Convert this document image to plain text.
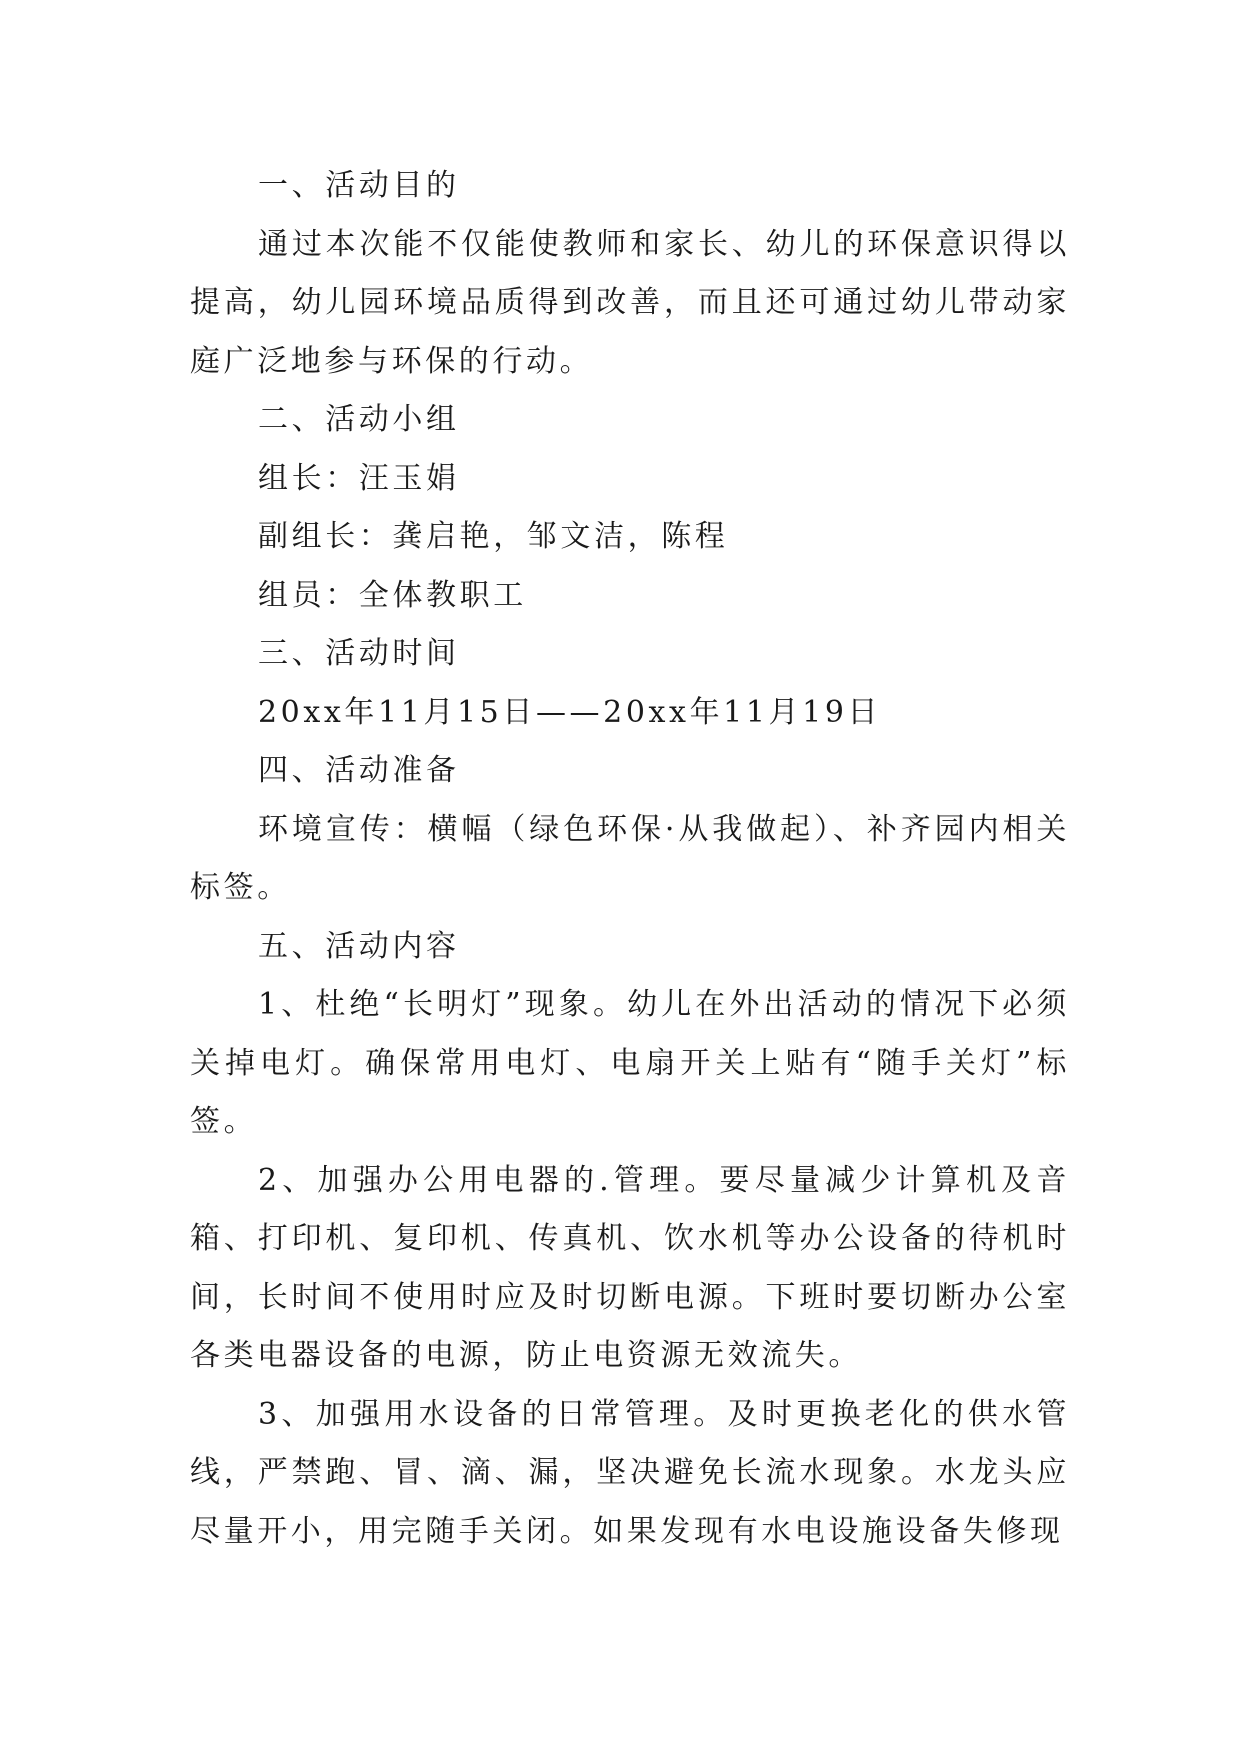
一、活动目的

通过本次能不仅能使教师和家长、幼儿的环保意识得以提高，幼儿园环境品质得到改善，而且还可通过幼儿带动家庭广泛地参与环保的行动。

二、活动小组

组长：汪玉娟

副组长：龚启艳，邹文洁，陈程

组员：全体教职工

三、活动时间

20xx年11月15日——20xx年11月19日

四、活动准备

环境宣传：横幅（绿色环保·从我做起）、补齐园内相关标签。

五、活动内容

1、杜绝“长明灯”现象。幼儿在外出活动的情况下必须关掉电灯。确保常用电灯、电扇开关上贴有“随手关灯”标签。

2、加强办公用电器的.管理。要尽量减少计算机及音箱、打印机、复印机、传真机、饮水机等办公设备的待机时间，长时间不使用时应及时切断电源。下班时要切断办公室各类电器设备的电源，防止电资源无效流失。

3、加强用水设备的日常管理。及时更换老化的供水管线，严禁跑、冒、滴、漏，坚决避免长流水现象。水龙头应尽量开小，用完随手关闭。如果发现有水电设施设备失修现
